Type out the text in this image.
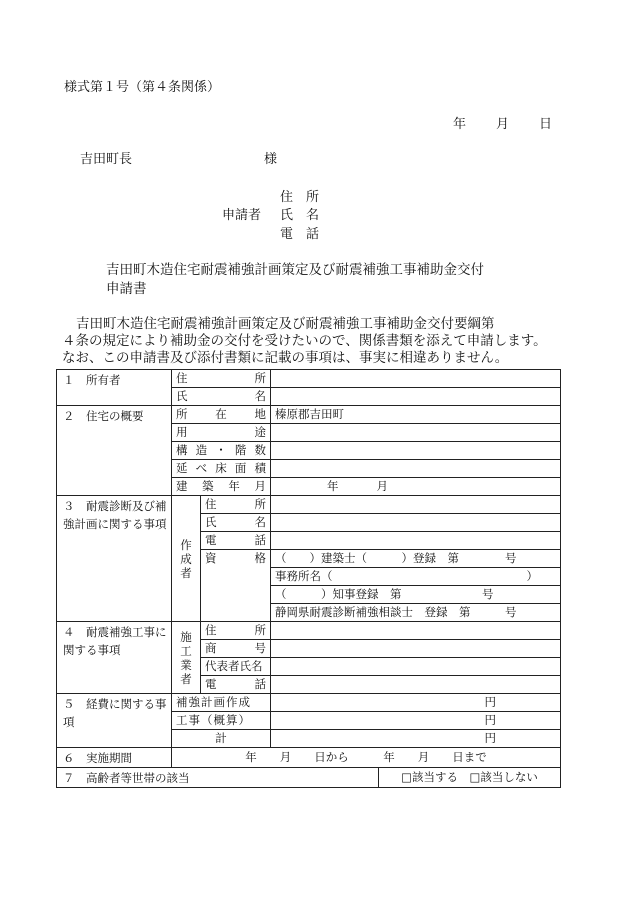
様式第１号（第４条関係）
年 月 日
吉田町長	様
住　所
申請者 氏　名
電　話
吉田町木造住宅耐震補強計画策定及び耐震補強工事補助金交付
申請書
吉田町木造住宅耐震補強計画策定及び耐震補強工事補助金交付要綱第
４条の規定により補助金の交付を受けたいので、関係書類を添えて申請します。
なお、この申請書及び添付書類に記載の事項は、事実に相違ありません。
１　所有者	住 所			

	氏 名			

２　住宅の概要	所 在 地		榛原郡吉田町	

	用 途			

	構 造 ・ 階 数			

	延 べ 床 面 積			

	建 築 年 月		年 月	
３　耐震診断及び補強計画に関する事項	作成者	住 所		

		氏 名		

		電 話		

		資 格	（　　）建築士（　　　）登録　第　　　　号	

			事務所名（ ）	

			（　　　）知事登録　第　　　　　　　号	
			静岡県耐震診断補強相談士　登録　第　　　号	
４　耐震補強工事に関する事項	施工業者	住 所		

		商 号		

		代表者氏名		

		電 話		

５　経費に関する事項	補強計画作成		円	

	工事（概算）		円	

	計		円	

６　実施期間	年　　月　　日から　　　年　　月　　日まで			
７　高齢者等世帯の該当				□該当する　□該当しない
